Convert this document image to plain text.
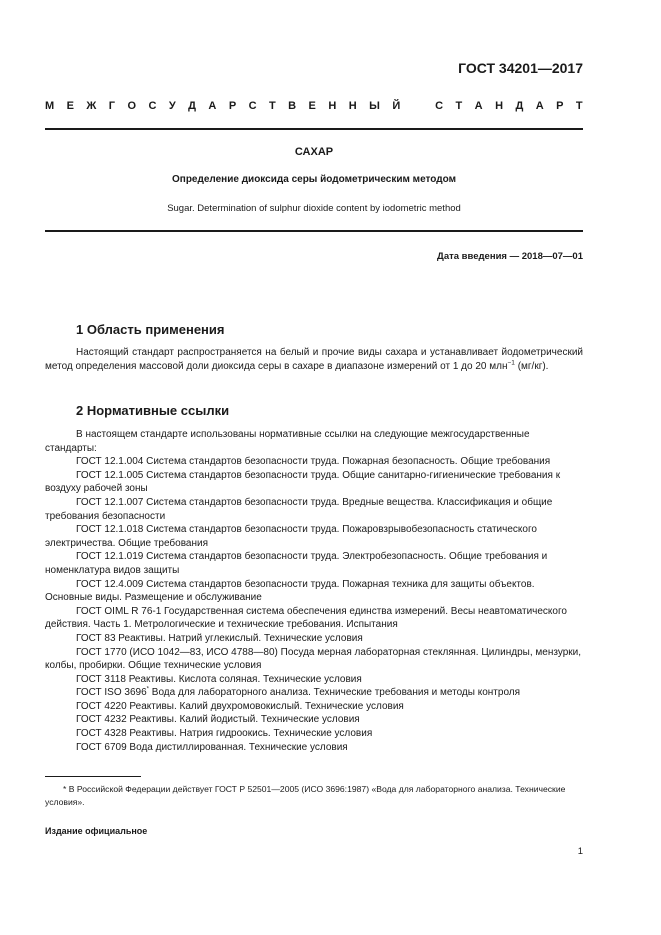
ГОСТ 34201—2017
М Е Ж Г О С У Д А Р С Т В Е Н Н Ы Й	С Т А Н Д А Р Т
САХАР
Определение диоксида серы йодометрическим методом
Sugar. Determination of sulphur dioxide content by iodometric method
Дата введения — 2018—07—01
1 Область применения
Настоящий стандарт распространяется на белый и прочие виды сахара и устанавливает йодометрический метод определения массовой доли диоксида серы в сахаре в диапазоне измерений от 1 до 20 млн$^{-1}$ (мг/кг).
2 Нормативные ссылки
В настоящем стандарте использованы нормативные ссылки на следующие межгосударственные стандарты:
ГОСТ 12.1.004 Система стандартов безопасности труда. Пожарная безопасность. Общие требования
ГОСТ 12.1.005 Система стандартов безопасности труда. Общие санитарно-гигиенические требования к воздуху рабочей зоны
ГОСТ 12.1.007 Система стандартов безопасности труда. Вредные вещества. Классификация и общие требования безопасности
ГОСТ 12.1.018 Система стандартов безопасности труда. Пожаровзрывобезопасность статического электричества. Общие требования
ГОСТ 12.1.019 Система стандартов безопасности труда. Электробезопасность. Общие требования и номенклатура видов защиты
ГОСТ 12.4.009 Система стандартов безопасности труда. Пожарная техника для защиты объектов. Основные виды. Размещение и обслуживание
ГОСТ OIML R 76-1 Государственная система обеспечения единства измерений. Весы неавтоматического действия. Часть 1. Метрологические и технические требования. Испытания
ГОСТ 83 Реактивы. Натрий углекислый. Технические условия
ГОСТ 1770 (ИСО 1042—83, ИСО 4788—80) Посуда мерная лабораторная стеклянная. Цилиндры, мензурки, колбы, пробирки. Общие технические условия
ГОСТ 3118 Реактивы. Кислота соляная. Технические условия
ГОСТ ISO 3696* Вода для лабораторного анализа. Технические требования и методы контроля
ГОСТ 4220 Реактивы. Калий двухромовокислый. Технические условия
ГОСТ 4232 Реактивы. Калий йодистый. Технические условия
ГОСТ 4328 Реактивы. Натрия гидроокись. Технические условия
ГОСТ 6709 Вода дистиллированная. Технические условия
* В Российской Федерации действует ГОСТ Р 52501—2005 (ИСО 3696:1987) «Вода для лабораторного анализа. Технические условия».
Издание официальное
1
